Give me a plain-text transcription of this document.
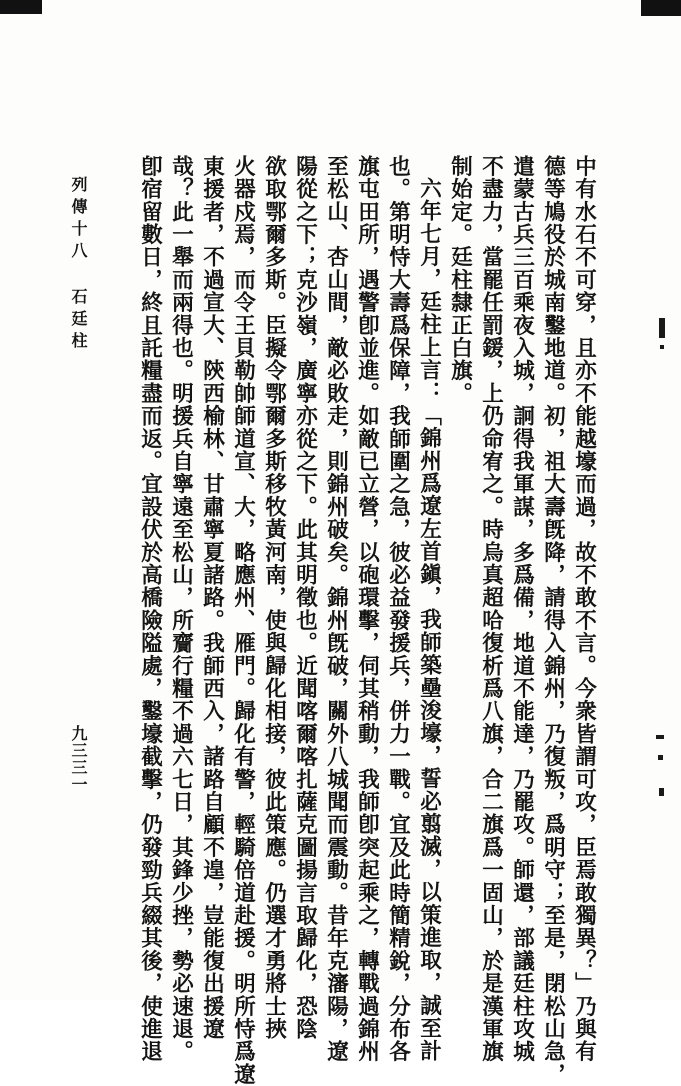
中有水石不可穿，且亦不能越壕而過，故不敢不言。今衆皆謂可攻，臣焉敢獨異？」乃與有
德等鳩役於城南鑿地道。初，祖大壽旣降，請得入錦州，乃復叛，爲明守；至是，閉松山急，
遣蒙古兵三百乘夜入城，詗得我軍謀，多爲備，地道不能達，乃罷攻。師還，部議廷柱攻城
不盡力，當罷任罰鍰，上仍命宥之。時烏真超哈復析爲八旗，合二旗爲一固山，於是漢軍旗
制始定。廷柱隸正白旗。
六年七月，廷柱上言：「錦州爲遼左首鎭，我師築壘浚壕，誓必翦滅，以策進取，誠至計
也。第明恃大壽爲保障，我師圍之急，彼必益發援兵，併力一戰。宜及此時簡精銳，分布各
旗屯田所，遇警卽並進。如敵已立營，以砲環擊，伺其稍動，我師卽突起乘之，轉戰過錦州
至松山、杏山間，敵必敗走，則錦州破矣。錦州旣破，關外八城聞而震動。昔年克瀋陽，遼
陽從之下；克沙嶺，廣寧亦從之下。此其明徵也。近聞喀爾喀扎薩克圖揚言取歸化，恐陰
欲取鄂爾多斯。臣擬令鄂爾多斯移牧黃河南，使與歸化相接，彼此策應。仍選才勇將士挾
火器戍焉，而令王貝勒帥師道宣、大，略應州、雁門。歸化有警，輕騎倍道赴援。明所恃爲遼
東援者，不過宣大、陝西榆林、甘肅寧夏諸路。我師西入，諸路自顧不遑，豈能復出援遼
哉？此一舉而兩得也。明援兵自寧遠至松山，所齎行糧不過六七日，其鋒少挫，勢必速退。
卽宿留數日，終且託糧盡而返。宜設伏於高橋險隘處，鑿壕截擊，仍發勁兵綴其後，使進退
列傳十八
石廷柱
九三三一
